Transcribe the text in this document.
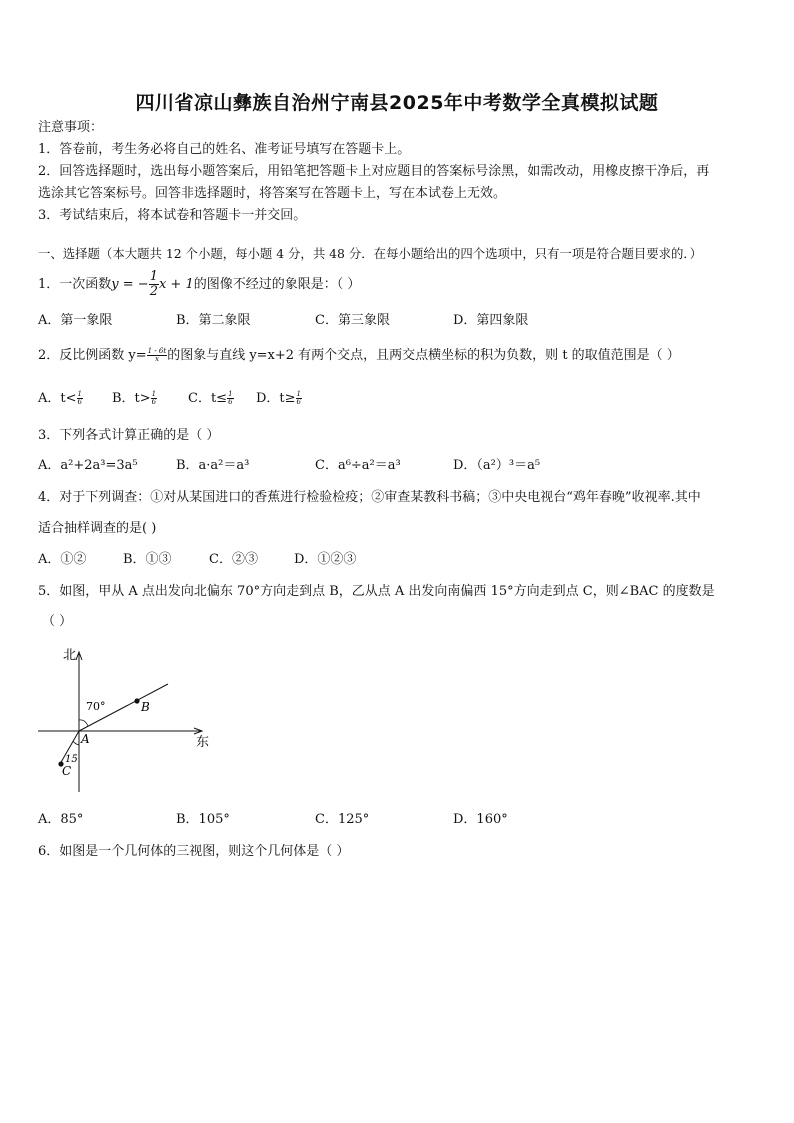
四川省凉山彝族自治州宁南县2025年中考数学全真模拟试题
注意事项：
1．答卷前，考生务必将自己的姓名、准考证号填写在答题卡上。
2．回答选择题时，选出每小题答案后，用铅笔把答题卡上对应题目的答案标号涂黑，如需改动，用橡皮擦干净后，再
选涂其它答案标号。回答非选择题时，将答案写在答题卡上，写在本试卷上无效。
3．考试结束后，将本试卷和答题卡一并交回。
一、选择题（本大题共 12 个小题，每小题 4 分，共 48 分．在每小题给出的四个选项中，只有一项是符合题目要求的．）
1．一次函数y = − $\frac{1}{2}$ x + 1的图像不经过的象限是：（ ）
A．第一象限	B．第二象限	C．第三象限	D．第四象限
2．反比例函数 $y= \frac{1 - 6t}{x}$ 的图象与直线 y=x+2 有两个交点，且两交点横坐标的积为负数，则 t 的取值范围是（ ）
A．$t< \frac{1}{6}$ B．$t> \frac{1}{6}$ C．$t\le \frac{1}{6}$ D．$t\ge \frac{1}{6}$
3．下列各式计算正确的是（ ）
A．a²+2a³=3a⁵	B．a·a²＝a³	C．a⁶÷a²＝a³	D．（a²）³＝a⁵
4．对于下列调查：①对从某国进口的香蕉进行检验检疫；②审查某教科书稿；③中央电视台“鸡年春晚”收视率.其中
适合抽样调查的是( )
A．①②	B．①③	C．②③	D．①②③
5．如图，甲从 A 点出发向北偏东 70°方向走到点 B，乙从点 A 出发向南偏西 15°方向走到点 C，则∠BAC 的度数是
（ ）
北
东
70°
15
A
B
C
A．85°	B．105°	C．125°	D．160°
6．如图是一个几何体的三视图，则这个几何体是（ ）
